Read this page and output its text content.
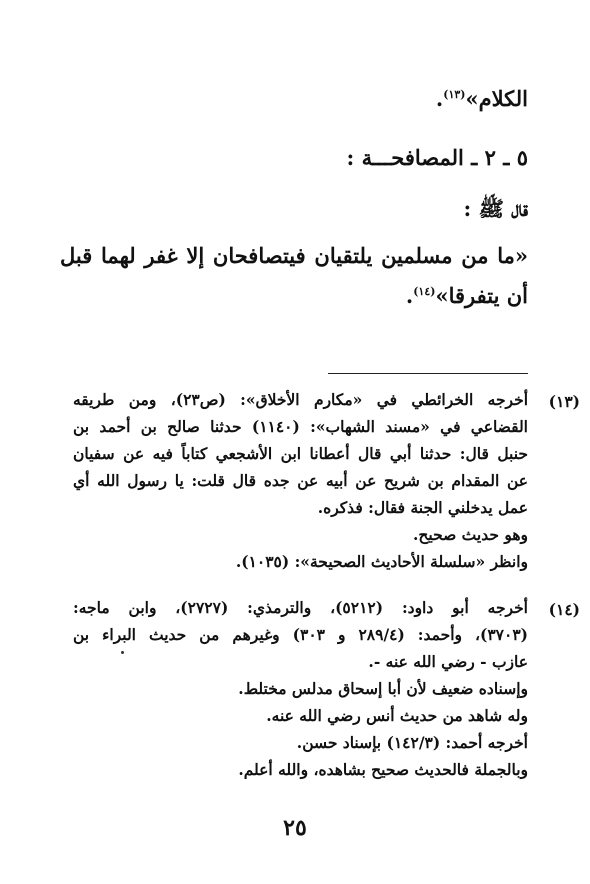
الكلام»$^{(١٣)}$.
٥ ـ ٢ ـ المصافحـــة :
قال ﷺ :
«ما من مسلمين يلتقيان فيتصافحان إلا غفر لهما قبل
أن يتفرقا»$^{(١٤)}$.
(١٣)
أخرجه الخرائطي في «مكارم الأخلاق»: (ص٢٣)، ومن طريقه
القضاعي في «مسند الشهاب»: (١١٤٠) حدثنا صالح بن أحمد بن
حنبل قال: حدثنا أبي قال أعطانا ابن الأشجعي كتاباً فيه عن سفيان
عن المقدام بن شريح عن أبيه عن جده قال قلت: يا رسول الله أي
عمل يدخلني الجنة فقال: فذكره.
وهو حديث صحيح.
وانظر «سلسلة الأحاديث الصحيحة»: (١٠٣٥).
(١٤)
أخرجه أبو داود: (٥٢١٢)، والترمذي: (٢٧٢٧)، وابن ماجه:
(٣٧٠٣)، وأحمد: (٢٨٩/٤ و ٣٠٣) وغيرهم من حديث البراء بن
عازب - رضي الله عنه -.
وإسناده ضعيف لأن أبا إسحاق مدلس مختلط.
وله شاهد من حديث أنس رضي الله عنه.
أخرجه أحمد: (١٤٢/٣) بإسناد حسن.
وبالجملة فالحديث صحيح بشاهده، والله أعلم.
٢٥
